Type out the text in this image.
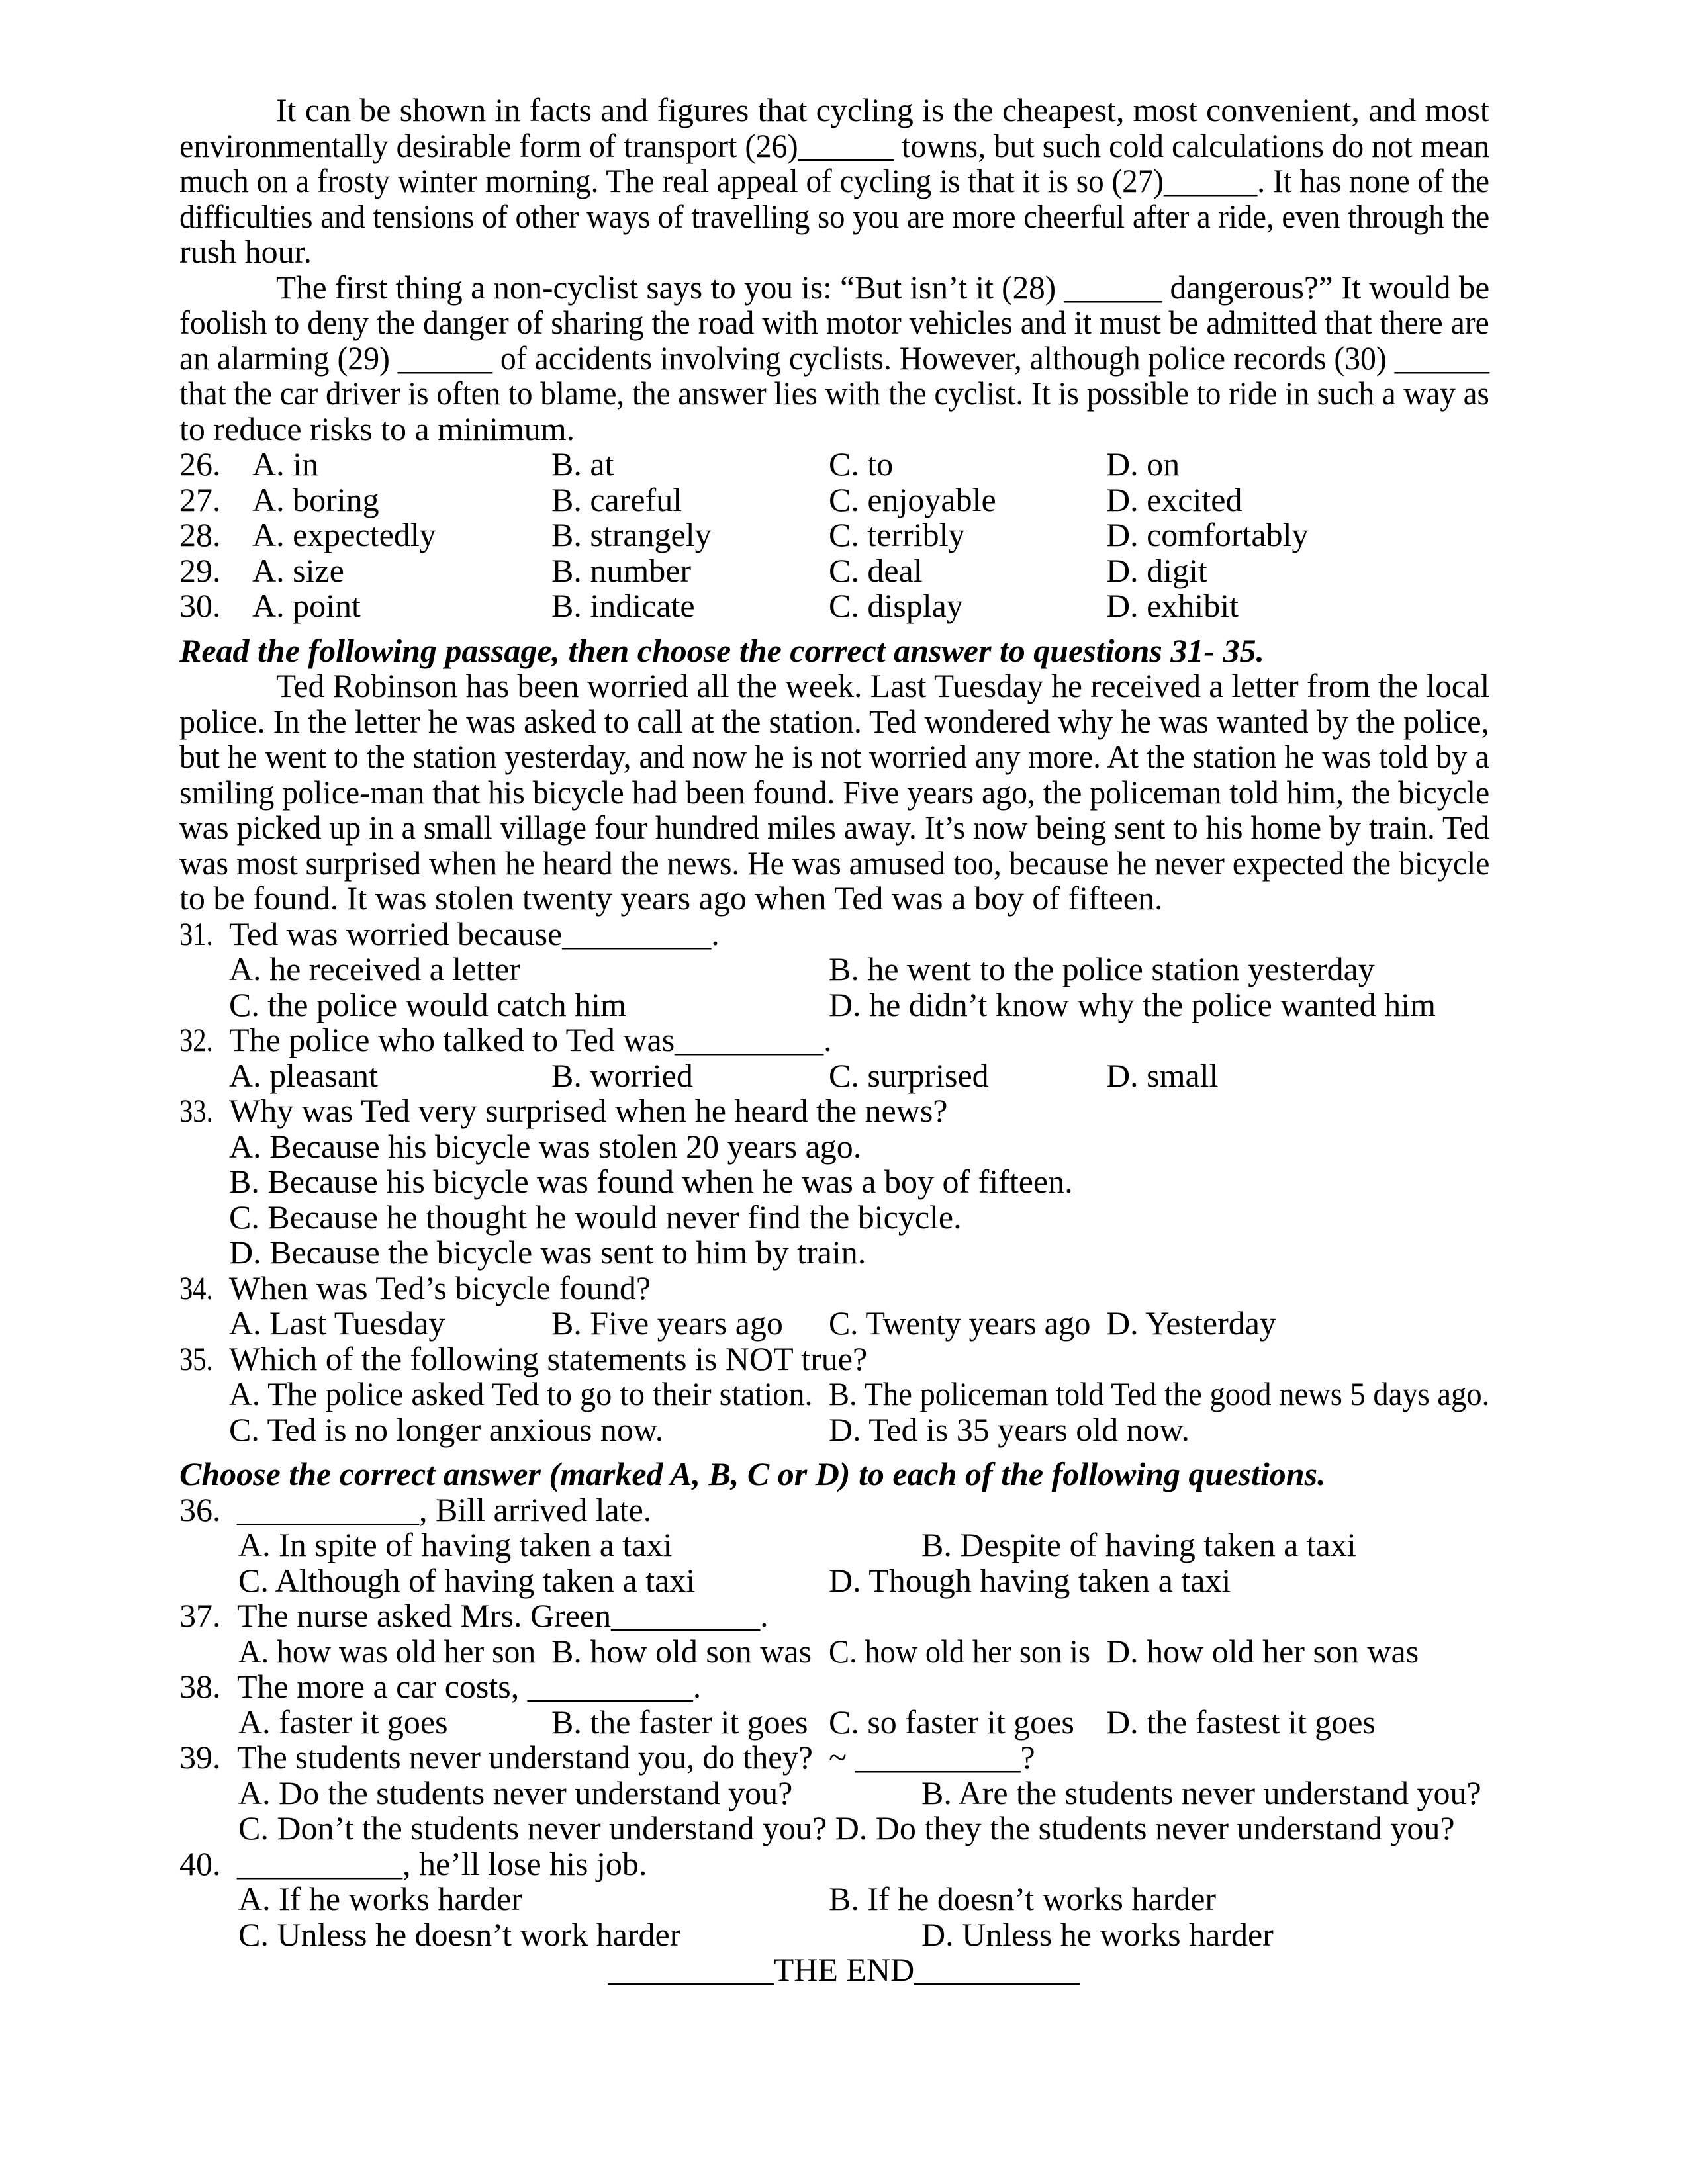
It can be shown in facts and figures that cycling is the cheapest, most convenient, and most
environmentally desirable form of transport (26)______ towns, but such cold calculations do not mean
much on a frosty winter morning. The real appeal of cycling is that it is so (27)______. It has none of the
difficulties and tensions of other ways of travelling so you are more cheerful after a ride, even through the
rush hour.
The first thing a non-cyclist says to you is: “But isn’t it (28) ______ dangerous?” It would be
foolish to deny the danger of sharing the road with motor vehicles and it must be admitted that there are
an alarming (29) ______ of accidents involving cyclists. However, although police records (30) ______
that the car driver is often to blame, the answer lies with the cyclist. It is possible to ride in such a way as
to reduce risks to a minimum.
26. A. in	B. at	C. to	D. on
27. A. boring	B. careful	C. enjoyable	D. excited
28. A. expectedly	B. strangely	C. terribly	D. comfortably
29. A. size	B. number	C. deal	D. digit
30. A. point	B. indicate	C. display	D. exhibit
Read the following passage, then choose the correct answer to questions 31- 35.
Ted Robinson has been worried all the week. Last Tuesday he received a letter from the local
police. In the letter he was asked to call at the station. Ted wondered why he was wanted by the police,
but he went to the station yesterday, and now he is not worried any more. At the station he was told by a
smiling police-man that his bicycle had been found. Five years ago, the policeman told him, the bicycle
was picked up in a small village four hundred miles away. It’s now being sent to his home by train. Ted
was most surprised when he heard the news. He was amused too, because he never expected the bicycle
to be found. It was stolen twenty years ago when Ted was a boy of fifteen.
31. Ted was worried because_________.
A. he received a letter	B. he went to the police station yesterday
C. the police would catch him	D. he didn’t know why the police wanted him
32. The police who talked to Ted was_________.
A. pleasant	B. worried	C. surprised	D. small
33. Why was Ted very surprised when he heard the news?
A. Because his bicycle was stolen 20 years ago.
B. Because his bicycle was found when he was a boy of fifteen.
C. Because he thought he would never find the bicycle.
D. Because the bicycle was sent to him by train.
34. When was Ted’s bicycle found?
A. Last Tuesday	B. Five years ago C. Twenty years ago D. Yesterday
35. Which of the following statements is NOT true?
A. The police asked Ted to go to their station. B. The policeman told Ted the good news 5 days ago.
C. Ted is no longer anxious now.	D. Ted is 35 years old now.
Choose the correct answer (marked A, B, C or D) to each of the following questions.
36. ___________, Bill arrived late.
A. In spite of having taken a taxi	B. Despite of having taken a taxi
C. Although of having taken a taxi	D. Though having taken a taxi
37. The nurse asked Mrs. Green_________.
A. how was old her son B. how old son was C. how old her son is D. how old her son was
38. The more a car costs, __________.
A. faster it goes	B. the faster it goes C. so faster it goes D. the fastest it goes
39. The students never understand you, do they? ~ __________?
A. Do the students never understand you?	B. Are the students never understand you?
C. Don’t the students never understand you? D. Do they the students never understand you?
40. __________, he’ll lose his job.
A. If he works harder	B. If he doesn’t works harder
C. Unless he doesn’t work harder	D. Unless he works harder
__________THE END__________
